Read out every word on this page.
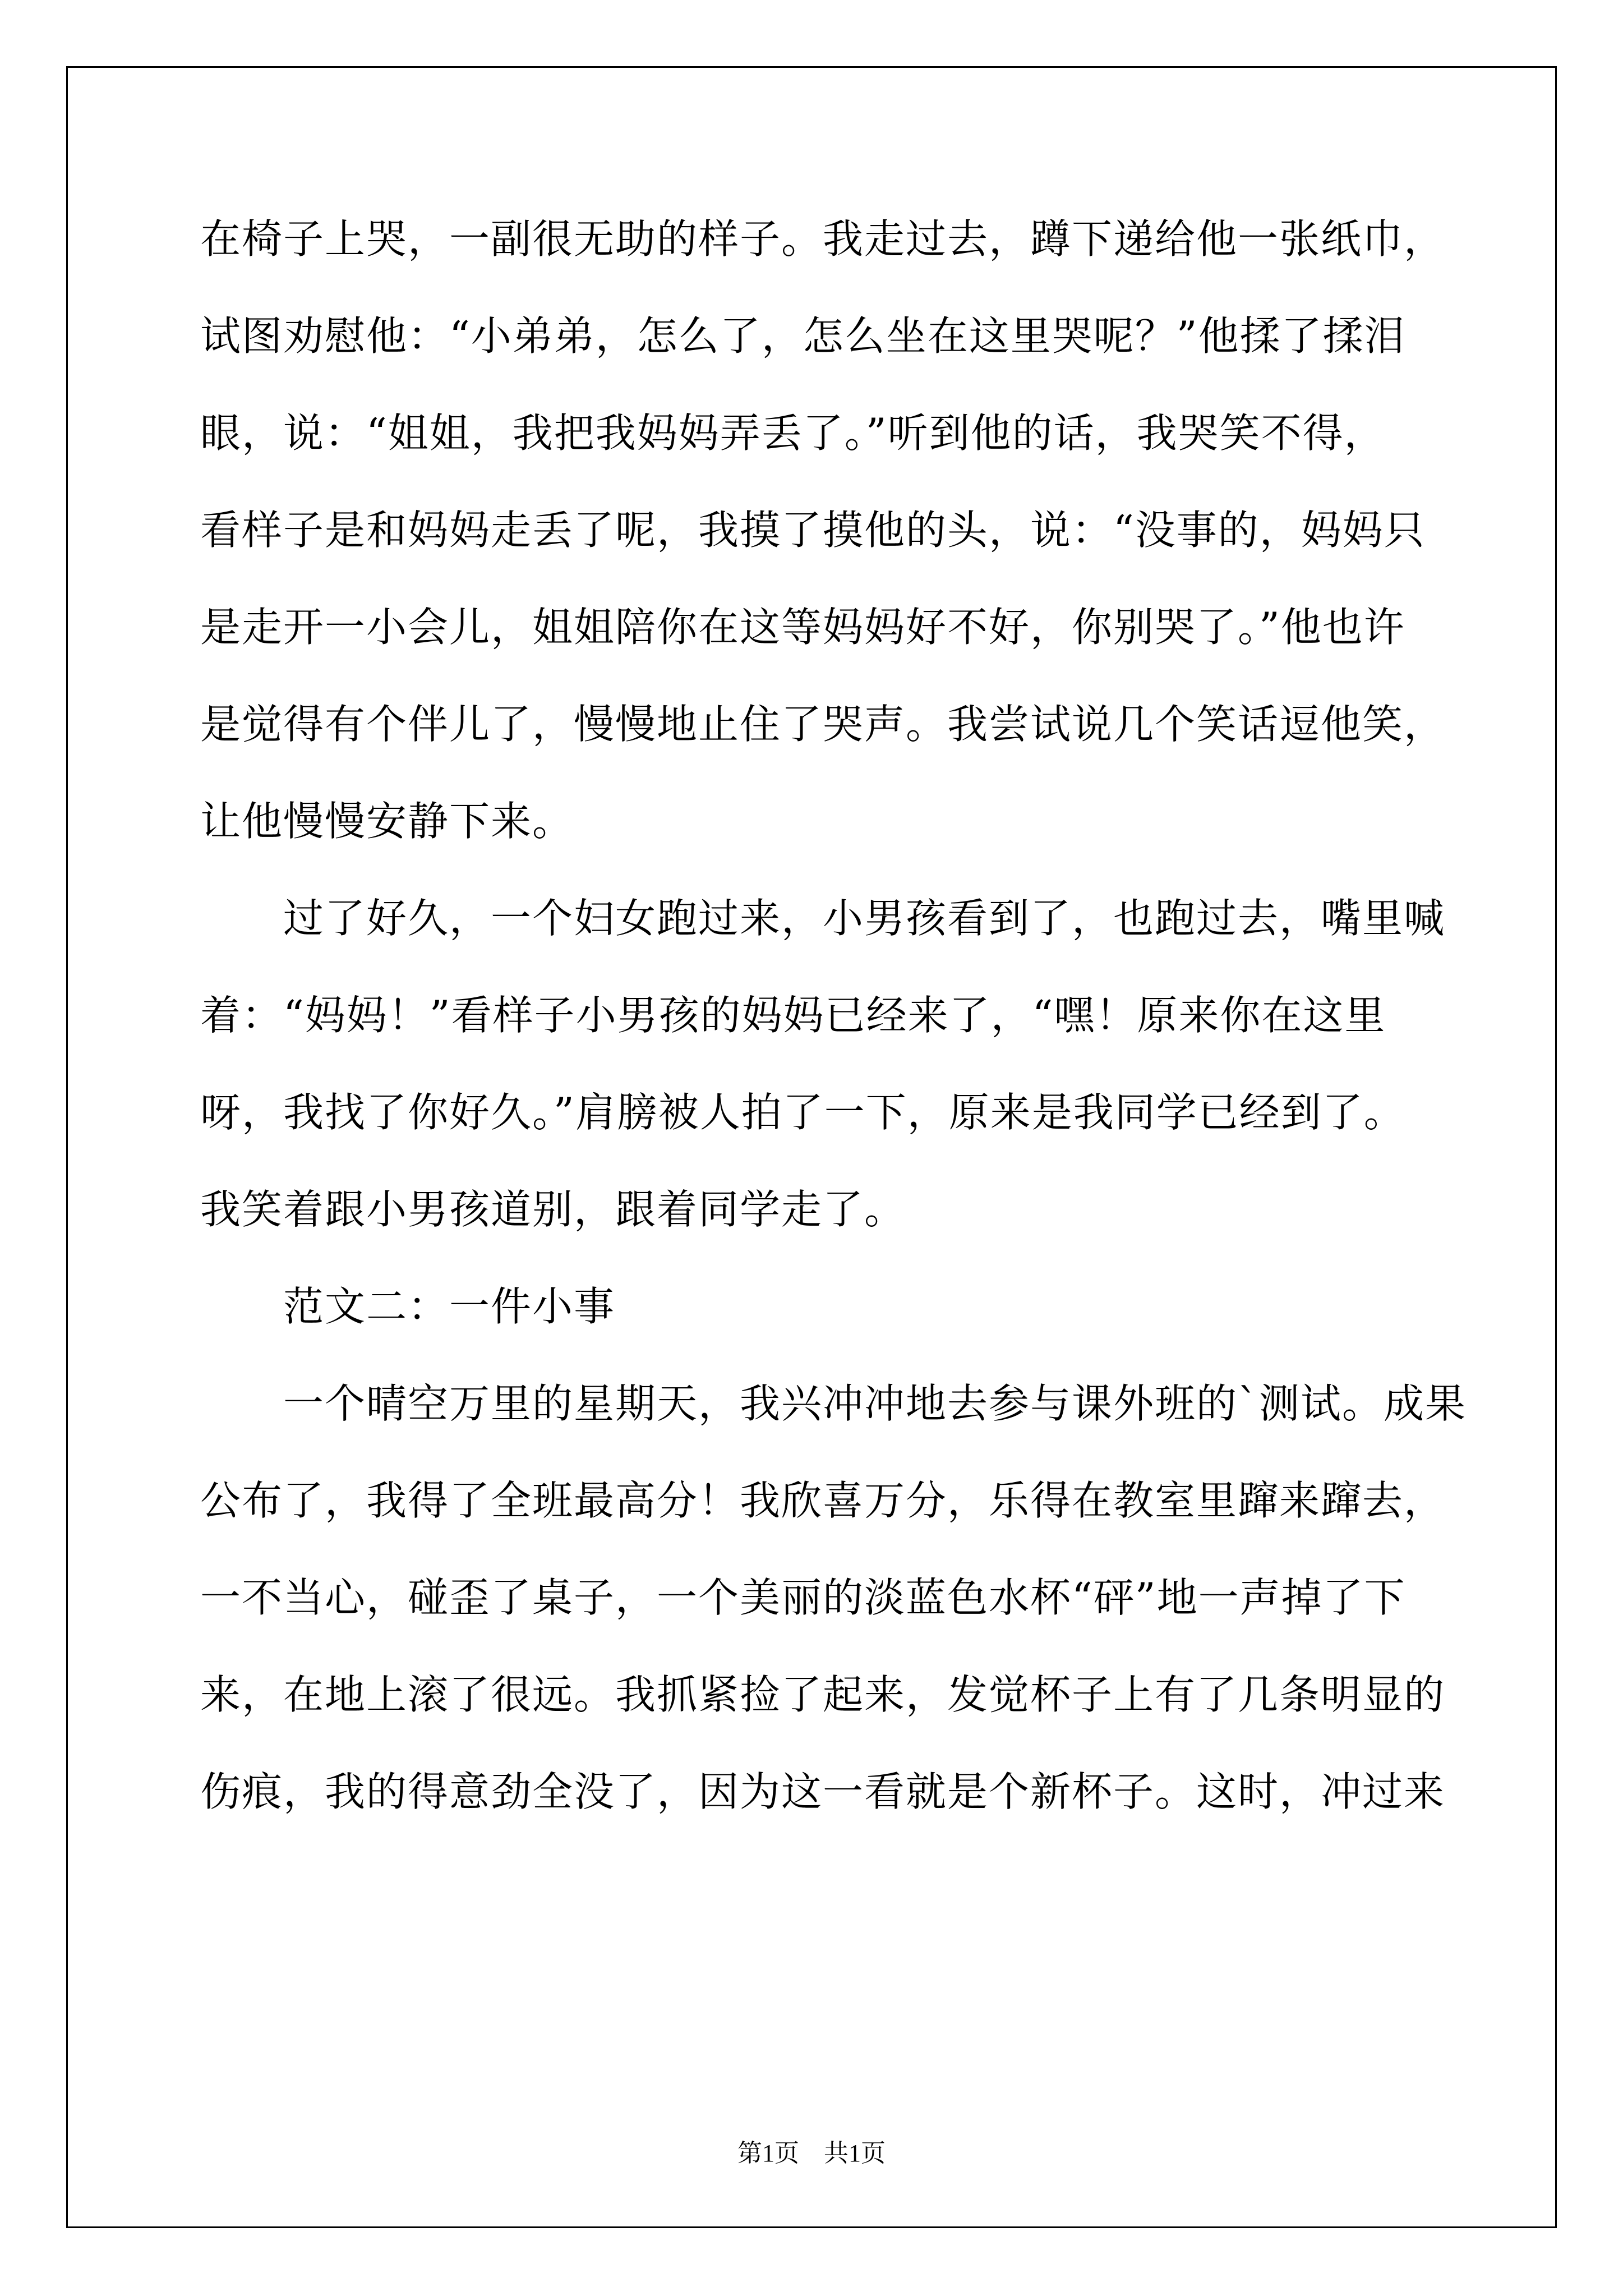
在椅子上哭，一副很无助的样子。我走过去，蹲下递给他一张纸巾，
试图劝慰他：“小弟弟，怎么了，怎么坐在这里哭呢？”他揉了揉泪
眼，说：“姐姐，我把我妈妈弄丢了。”听到他的话，我哭笑不得，
看样子是和妈妈走丢了呢，我摸了摸他的头，说：“没事的，妈妈只
是走开一小会儿，姐姐陪你在这等妈妈好不好，你别哭了。”他也许
是觉得有个伴儿了，慢慢地止住了哭声。我尝试说几个笑话逗他笑，
让他慢慢安静下来。
过了好久，一个妇女跑过来，小男孩看到了，也跑过去，嘴里喊
着：“妈妈！”看样子小男孩的妈妈已经来了，“嘿！原来你在这里
呀，我找了你好久。”肩膀被人拍了一下，原来是我同学已经到了。
我笑着跟小男孩道别，跟着同学走了。
范文二：一件小事
一个晴空万里的星期天，我兴冲冲地去参与课外班的`测试。成果
公布了，我得了全班最高分！我欣喜万分，乐得在教室里蹿来蹿去，
一不当心，碰歪了桌子，一个美丽的淡蓝色水杯“砰”地一声掉了下
来，在地上滚了很远。我抓紧捡了起来，发觉杯子上有了几条明显的
伤痕，我的得意劲全没了，因为这一看就是个新杯子。这时，冲过来
第1页　共1页
